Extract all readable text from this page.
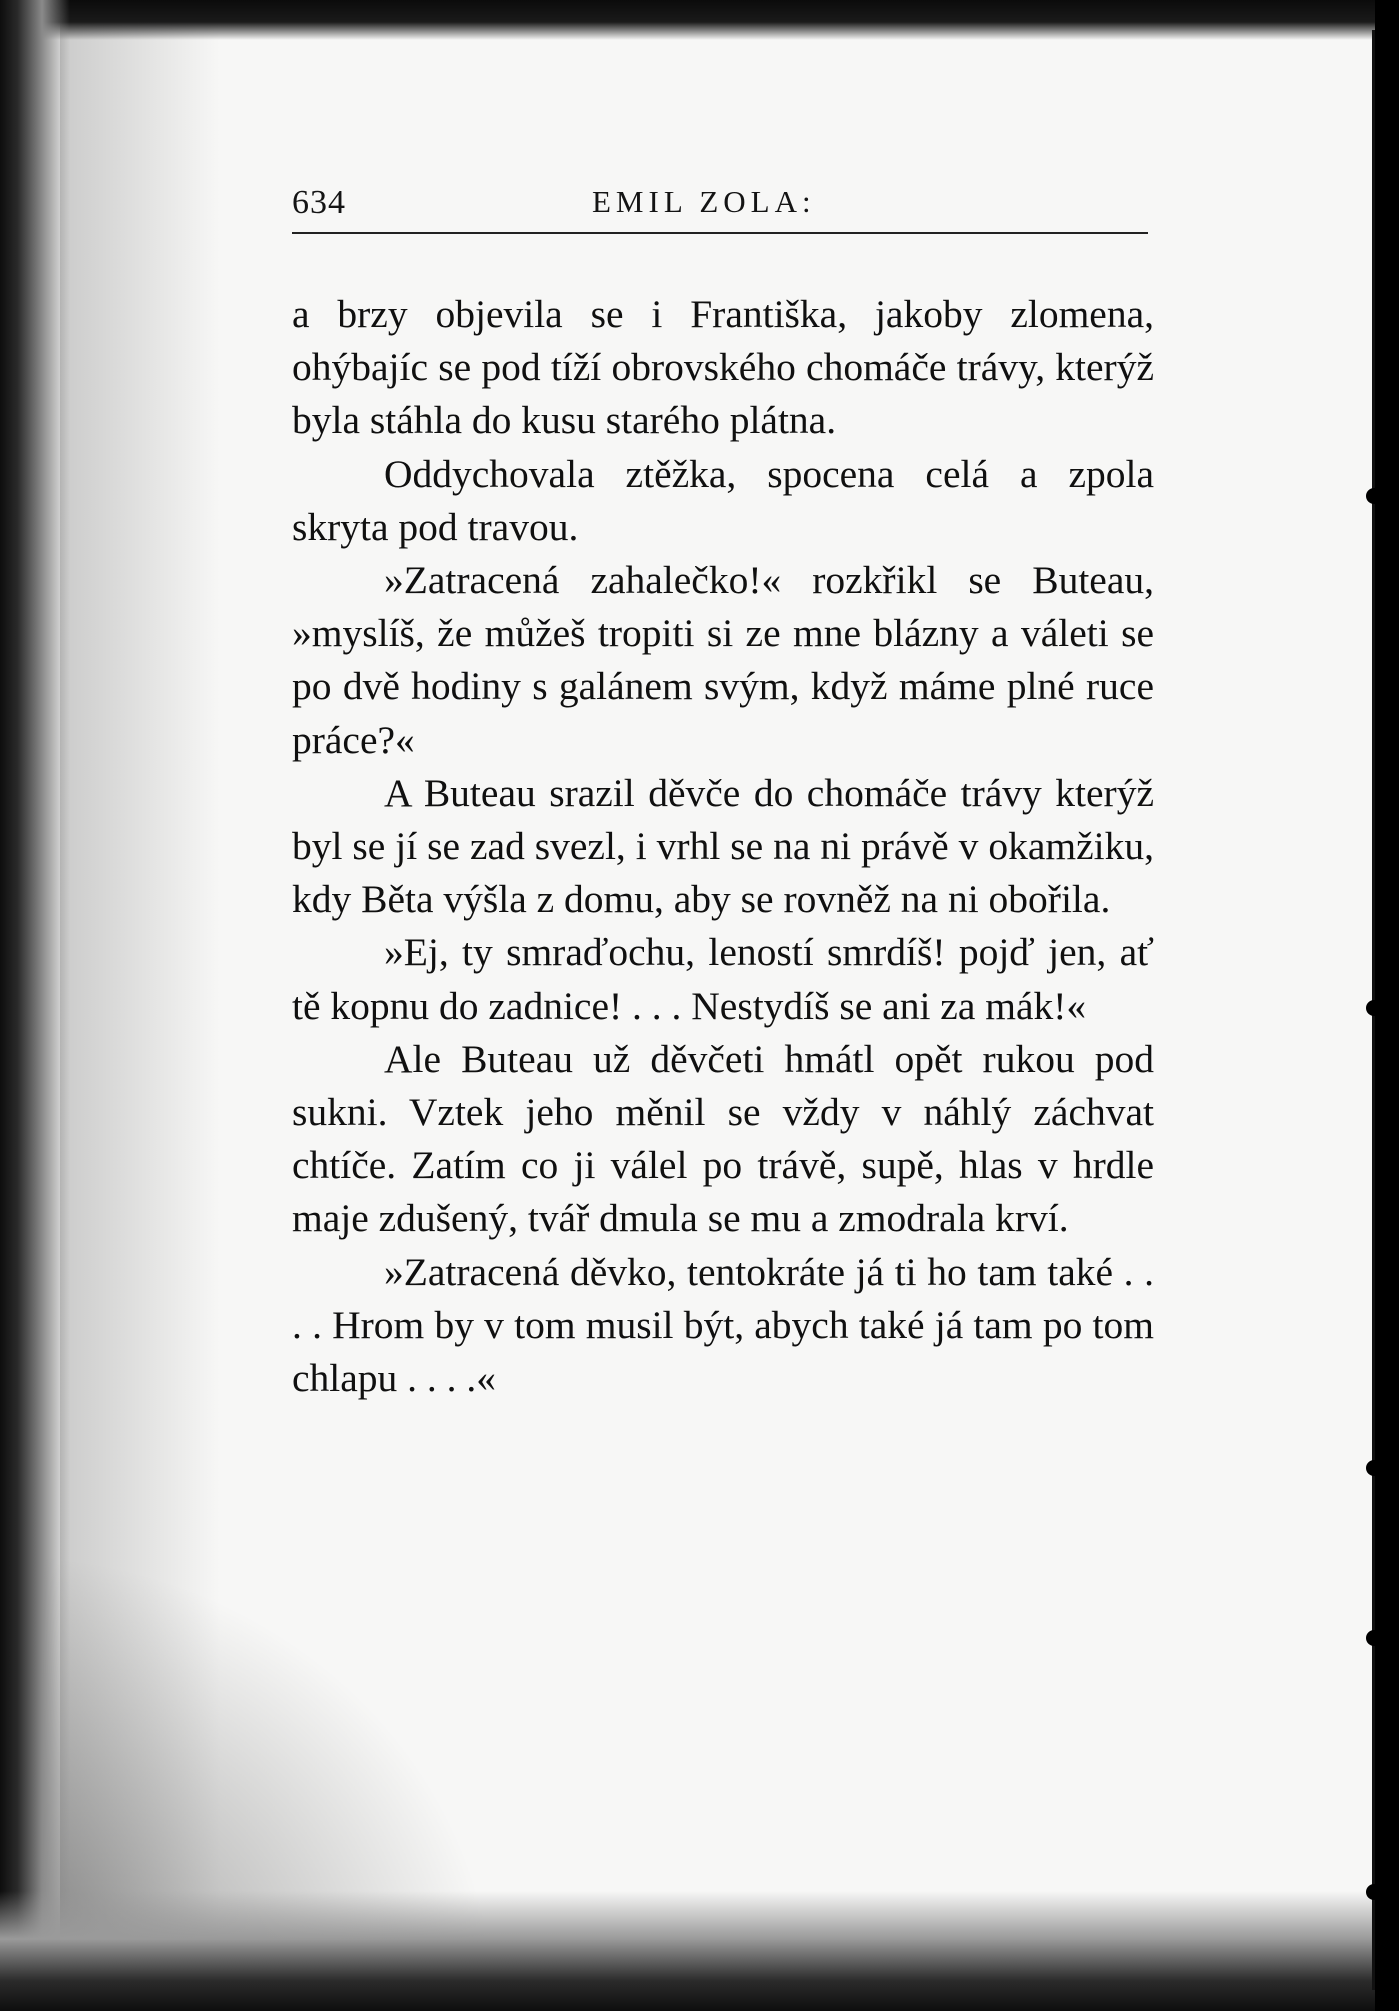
634	EMIL ZOLA:

a brzy objevila se i Františka, jakoby zlomena, ohýbajíc se pod tíží obrovského chomáče trávy, kterýž byla stáhla do kusu starého plátna.

Oddychovala ztěžka, spocena celá a zpola skryta pod travou.

»Zatracená zahalečko!« rozkřikl se Buteau, »myslíš, že můžeš tropiti si ze mne blázny a váleti se po dvě hodiny s galánem svým, když máme plné ruce práce?«

A Buteau srazil děvče do chomáče trávy kterýž byl se jí se zad svezl, i vrhl se na ni právě v okamžiku, kdy Běta výšla z domu, aby se rovněž na ni obořila.

»Ej, ty smraďochu, leností smrdíš! pojď jen, ať tě kopnu do zadnice! . . . Nestydíš se ani za mák!«

Ale Buteau už děvčeti hmátl opět rukou pod sukni. Vztek jeho měnil se vždy v náhlý záchvat chtíče. Zatím co ji válel po trávě, supě, hlas v hrdle maje zdušený, tvář dmula se mu a zmodrala krví.

»Zatracená děvko, tentokráte já ti ho tam také . . . . Hrom by v tom musil být, abych také já tam po tom chlapu . . . .«
